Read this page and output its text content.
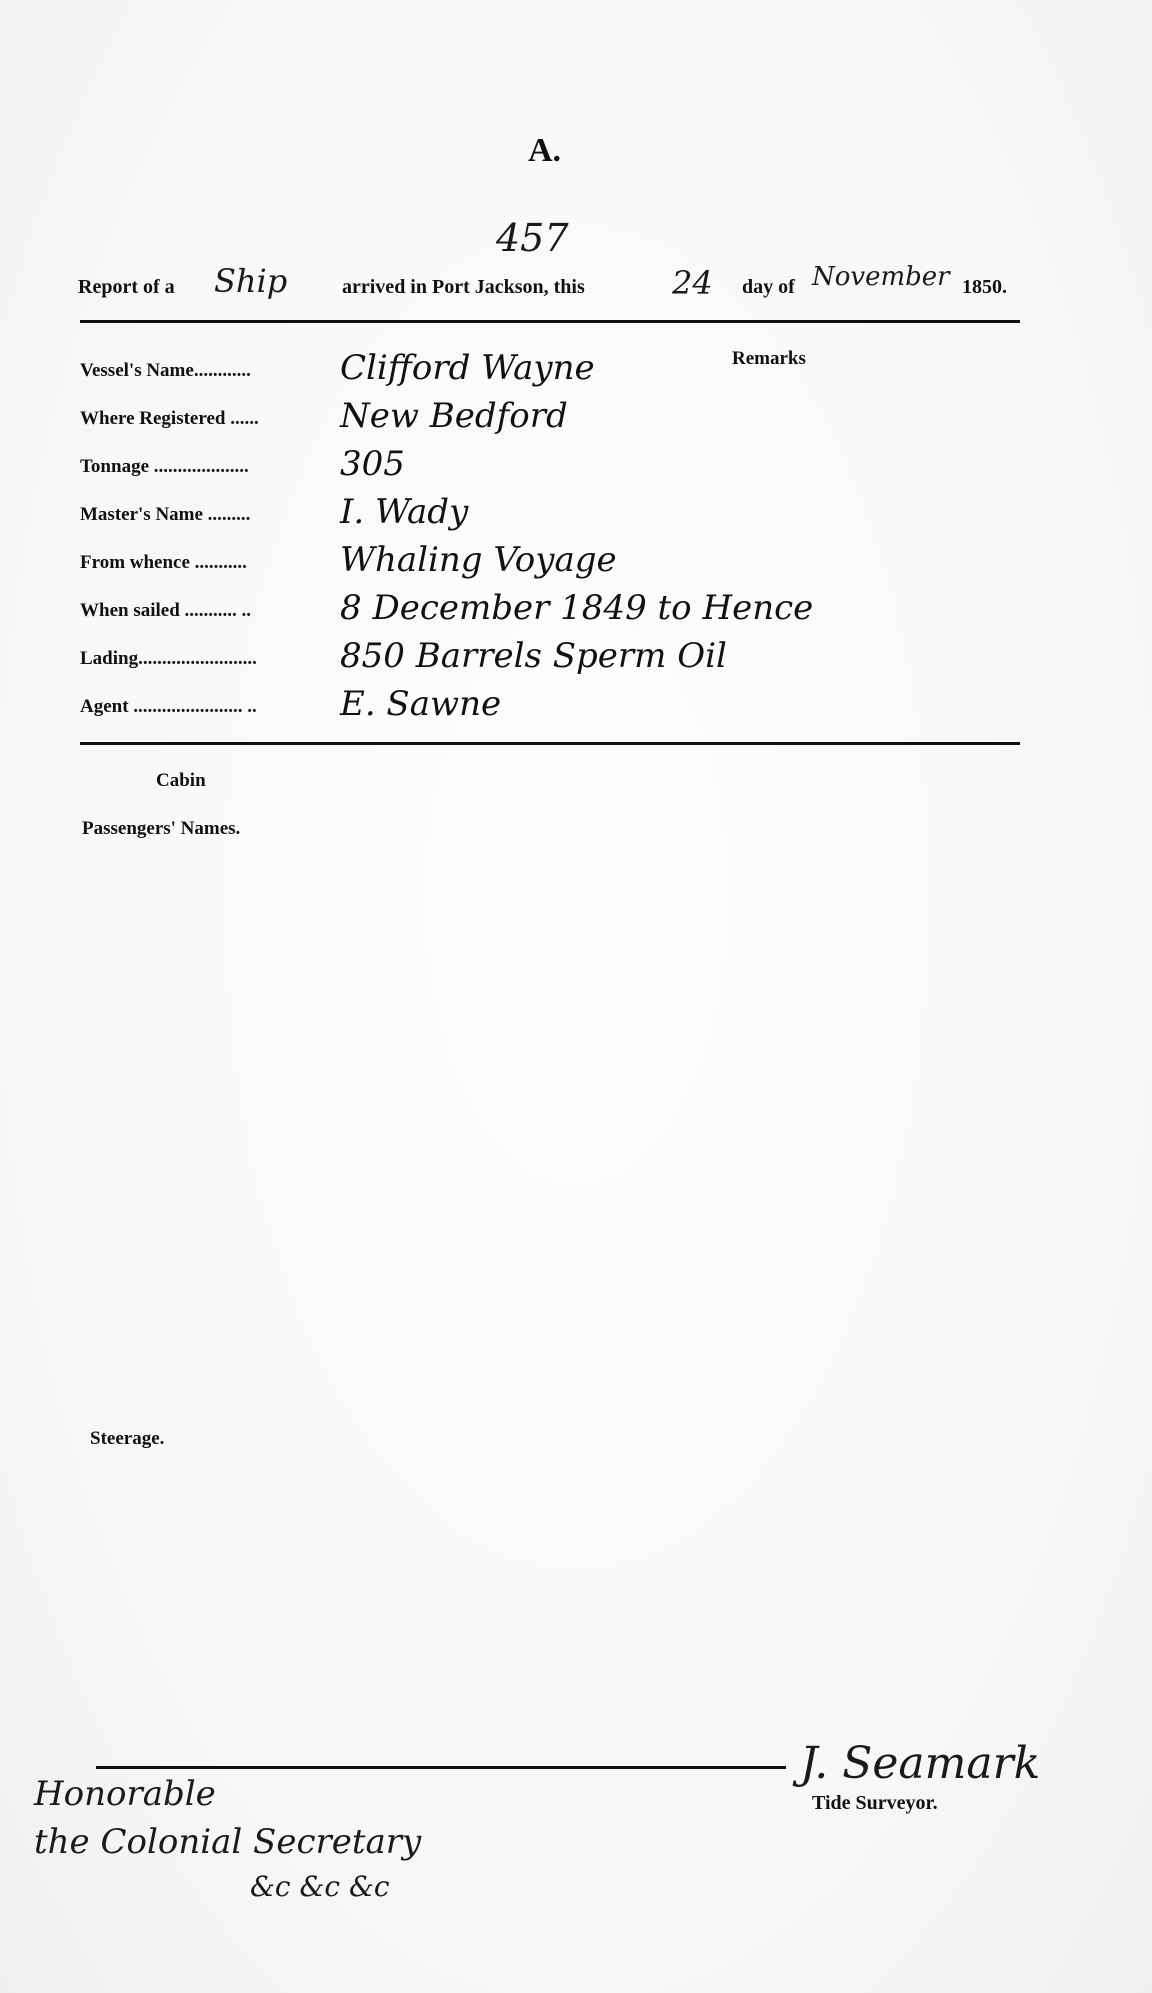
A.
457
Report of a Ship	arrived in Port Jackson, this	24 day of November 1850.
Vessel's Name............	Clifford Wayne
Where Registered ...... New Bedford
Tonnage ....................	305
Master's Name .........	I. Wady
From whence ...........	Whaling Voyage
When sailed ........... ..	8 December 1849 to Hence
Lading......................... 850 Barrels Sperm Oil
Agent ....................... .. E. Sawne
Remarks
Cabin
Passengers' Names.
Steerage.
J. Seamark
Tide Surveyor.
Honorable
the Colonial Secretary
&c &c &c
